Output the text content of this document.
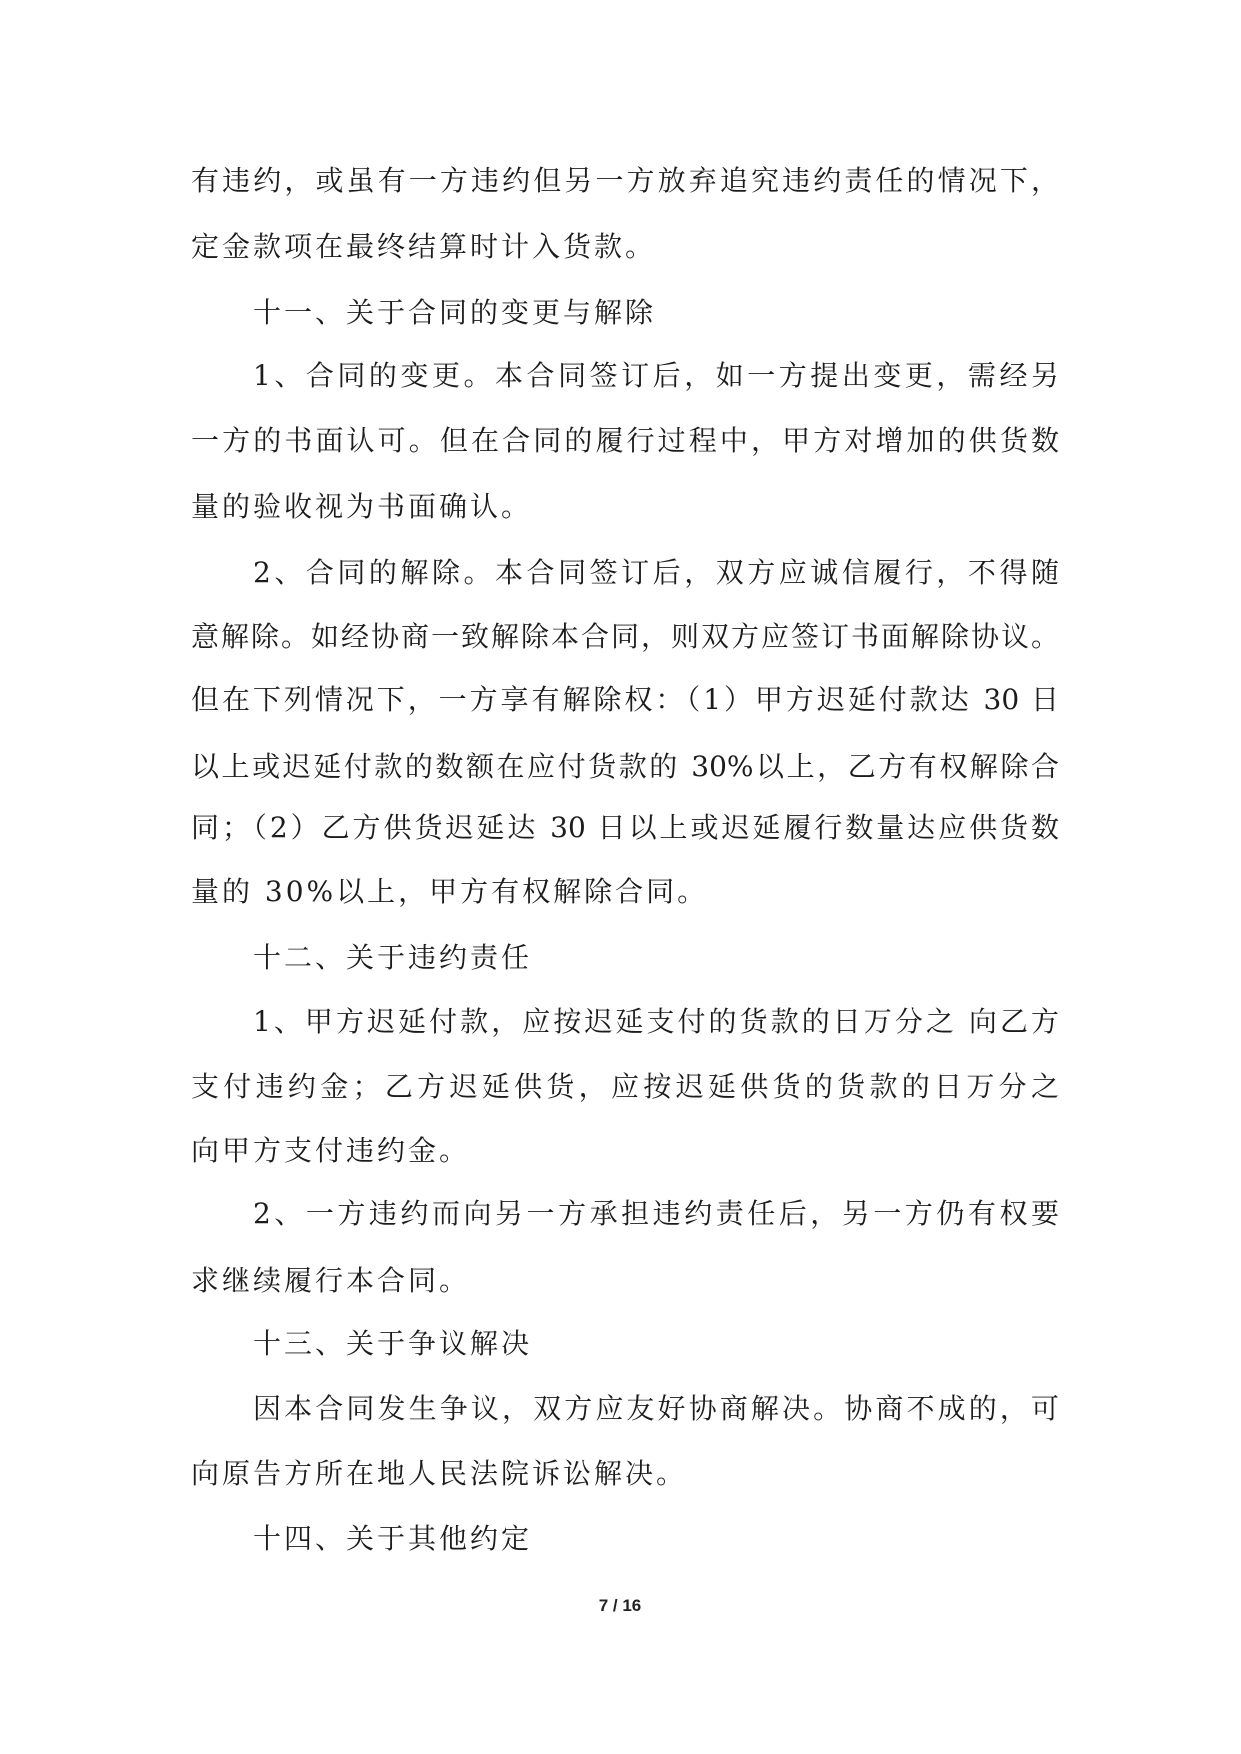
有违约，或虽有一方违约但另一方放弃追究违约责任的情况下，
定金款项在最终结算时计入货款。
十一、关于合同的变更与解除
1、合同的变更。本合同签订后，如一方提出变更，需经另
一方的书面认可。但在合同的履行过程中，甲方对增加的供货数
量的验收视为书面确认。
2、合同的解除。本合同签订后，双方应诚信履行，不得随
意解除。如经协商一致解除本合同，则双方应签订书面解除协议。
但在下列情况下，一方享有解除权：（1）甲方迟延付款达 30 日
以上或迟延付款的数额在应付货款的 30%以上，乙方有权解除合
同；（2）乙方供货迟延达 30 日以上或迟延履行数量达应供货数
量的 30%以上，甲方有权解除合同。
十二、关于违约责任
1、甲方迟延付款，应按迟延支付的货款的日万分之 向乙方
支付违约金；乙方迟延供货，应按迟延供货的货款的日万分之
向甲方支付违约金。
2、一方违约而向另一方承担违约责任后，另一方仍有权要
求继续履行本合同。
十三、关于争议解决
因本合同发生争议，双方应友好协商解决。协商不成的，可
向原告方所在地人民法院诉讼解决。
十四、关于其他约定
7 / 16
